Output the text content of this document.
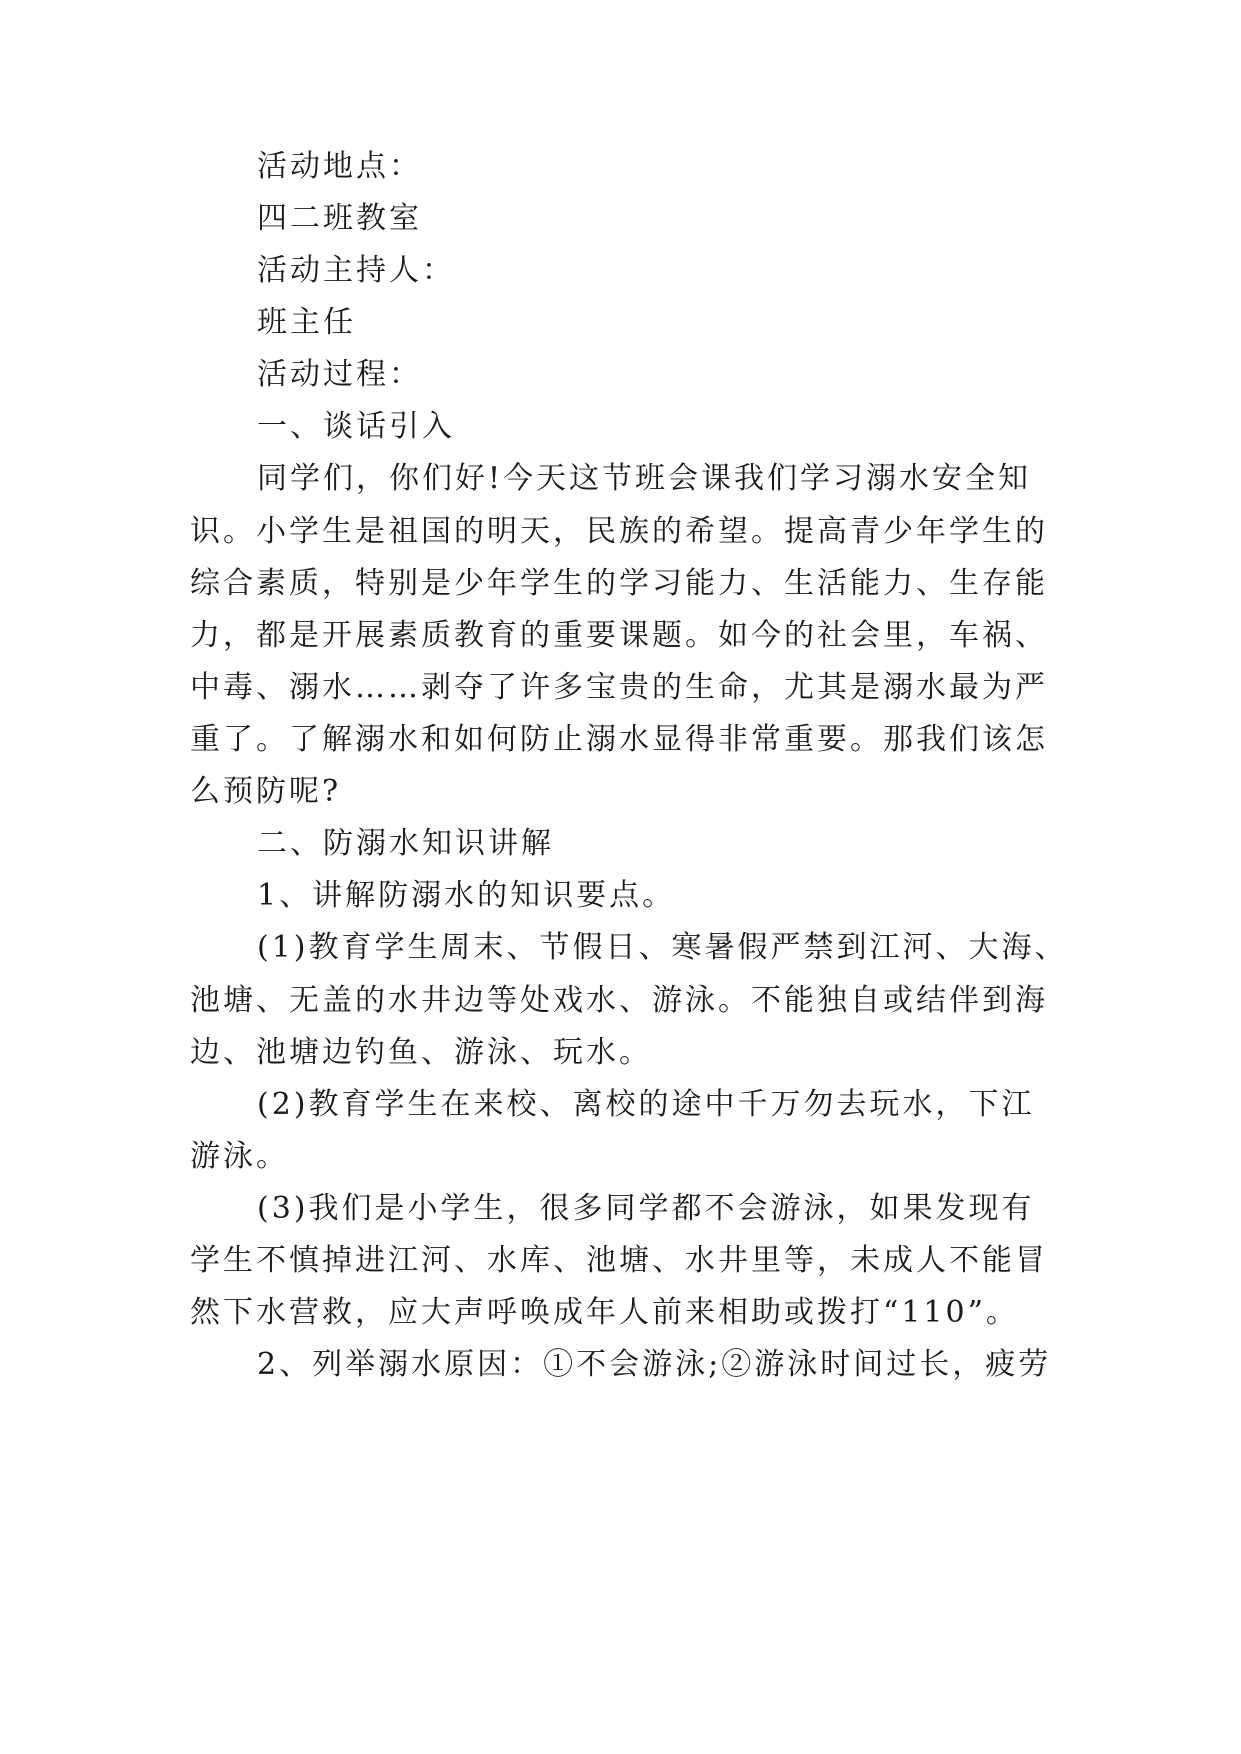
活动地点：
四二班教室
活动主持人：
班主任
活动过程：
一、谈话引入
同学们，你们好!今天这节班会课我们学习溺水安全知
识。小学生是祖国的明天，民族的希望。提高青少年学生的
综合素质，特别是少年学生的学习能力、生活能力、生存能
力，都是开展素质教育的重要课题。如今的社会里，车祸、
中毒、溺水……剥夺了许多宝贵的生命，尤其是溺水最为严
重了。了解溺水和如何防止溺水显得非常重要。那我们该怎
么预防呢?
二、防溺水知识讲解
1、讲解防溺水的知识要点。
(1)教育学生周末、节假日、寒暑假严禁到江河、大海、
池塘、无盖的水井边等处戏水、游泳。不能独自或结伴到海
边、池塘边钓鱼、游泳、玩水。
(2)教育学生在来校、离校的途中千万勿去玩水，下江
游泳。
(3)我们是小学生，很多同学都不会游泳，如果发现有
学生不慎掉进江河、水库、池塘、水井里等，未成人不能冒
然下水营救，应大声呼唤成年人前来相助或拨打“110”。
2、列举溺水原因：①不会游泳;②游泳时间过长，疲劳
